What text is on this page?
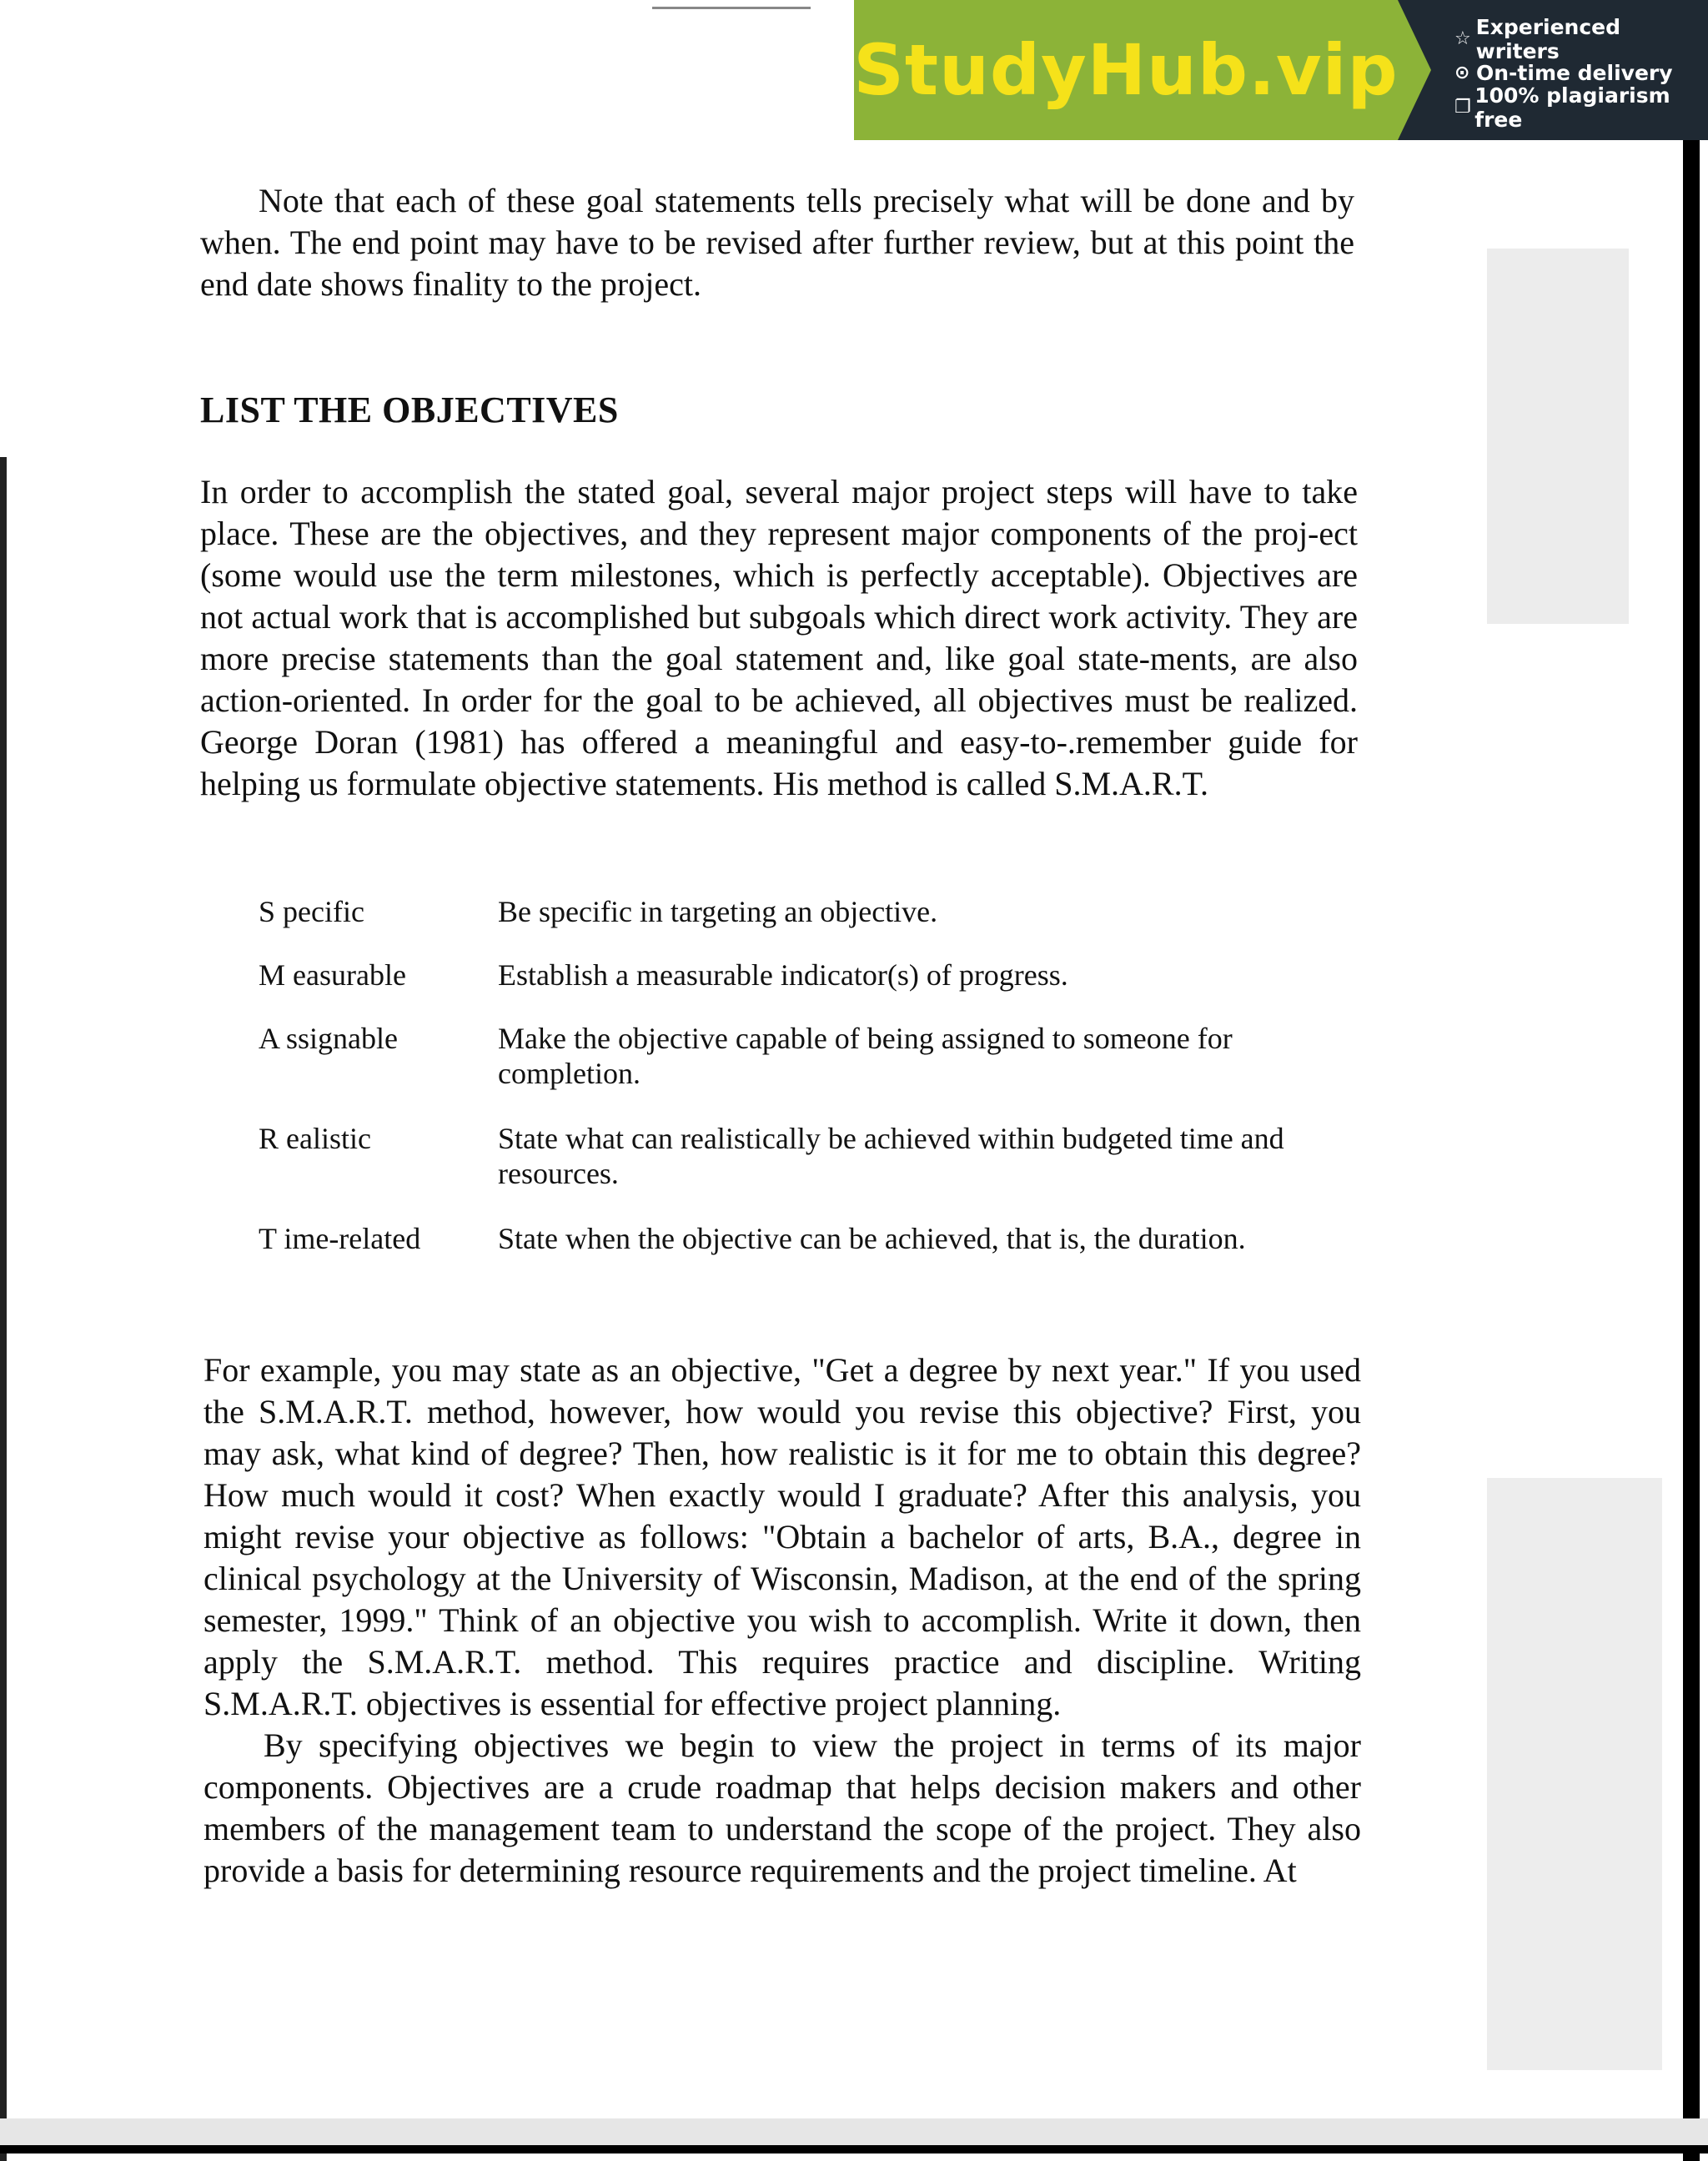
StudyHub.vip	☆ Experienced writers
⊙ On-time delivery
❐ 100% plagiarism free

Note that each of these goal statements tells precisely what will be done and by when. The end point may have to be revised after further review, but at this point the end date shows finality to the project.

LIST THE OBJECTIVES

In order to accomplish the stated goal, several major project steps will have to take place. These are the objectives, and they represent major components of the proj-ect (some would use the term milestones, which is perfectly acceptable). Objectives are not actual work that is accomplished but subgoals which direct work activity. They are more precise statements than the goal statement and, like goal state-ments, are also action-oriented. In order for the goal to be achieved, all objectives must be realized. George Doran (1981) has offered a meaningful and easy-to-.remember guide for helping us formulate objective statements. His method is called S.M.A.R.T.

S pecific	Be specific in targeting an objective.
M easurable	Establish a measurable indicator(s) of progress.
A ssignable	Make the objective capable of being assigned to someone for completion.
R ealistic	State what can realistically be achieved within budgeted time and resources.
T ime-related	State when the objective can be achieved, that is, the duration.

For example, you may state as an objective, "Get a degree by next year." If you used the S.M.A.R.T. method, however, how would you revise this objective? First, you may ask, what kind of degree? Then, how realistic is it for me to obtain this degree? How much would it cost? When exactly would I graduate? After this analysis, you might revise your objective as follows: "Obtain a bachelor of arts, B.A., degree in clinical psychology at the University of Wisconsin, Madison, at the end of the spring semester, 1999." Think of an objective you wish to accomplish. Write it down, then apply the S.M.A.R.T. method. This requires practice and discipline. Writing S.M.A.R.T. objectives is essential for effective project planning.

By specifying objectives we begin to view the project in terms of its major components. Objectives are a crude roadmap that helps decision makers and other members of the management team to understand the scope of the project. They also provide a basis for determining resource requirements and the project timeline. At
